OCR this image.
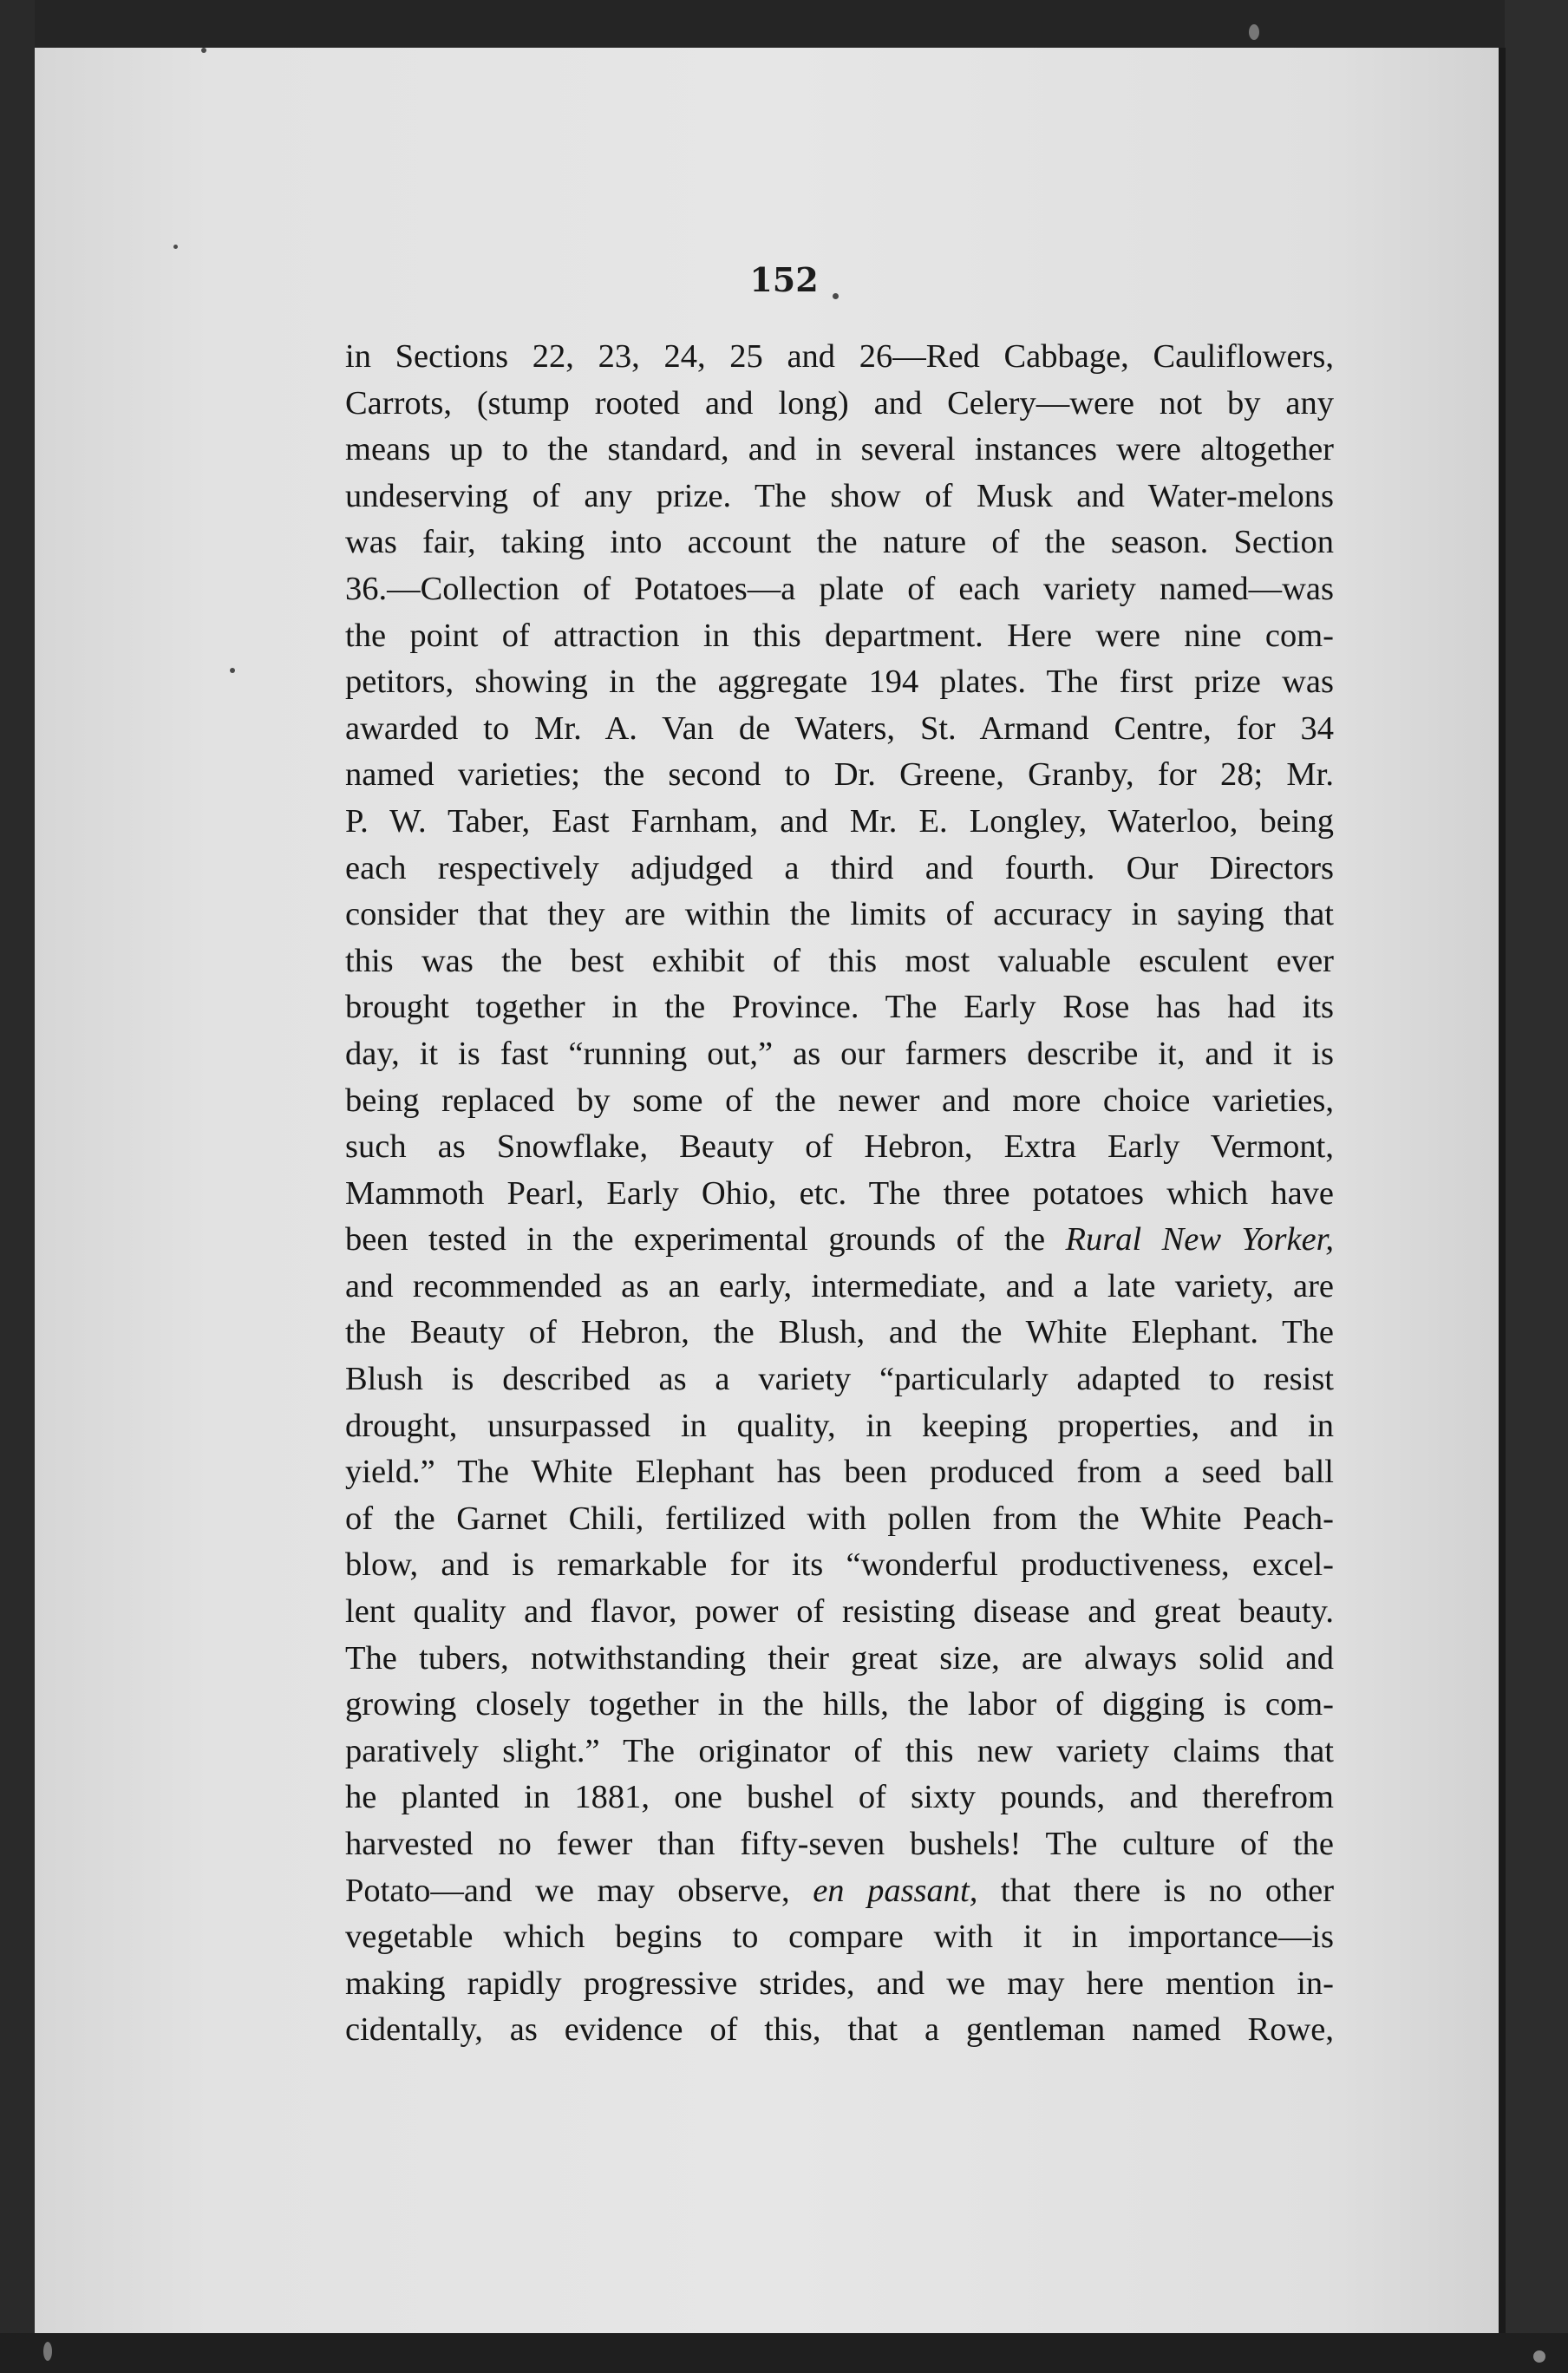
152
in Sections 22, 23, 24, 25 and 26—Red Cabbage, Cauliflowers,
Carrots, (stump rooted and long) and Celery—were not by any
means up to the standard, and in several instances were altogether
undeserving of any prize. The show of Musk and Water-melons
was fair, taking into account the nature of the season. Section
36.—Collection of Potatoes—a plate of each variety named—was
the point of attraction in this department. Here were nine com-
petitors, showing in the aggregate 194 plates. The first prize was
awarded to Mr. A. Van de Waters, St. Armand Centre, for 34
named varieties; the second to Dr. Greene, Granby, for 28; Mr.
P. W. Taber, East Farnham, and Mr. E. Longley, Waterloo, being
each respectively adjudged a third and fourth. Our Directors
consider that they are within the limits of accuracy in saying that
this was the best exhibit of this most valuable esculent ever
brought together in the Province. The Early Rose has had its
day, it is fast “running out,” as our farmers describe it, and it is
being replaced by some of the newer and more choice varieties,
such as Snowflake, Beauty of Hebron, Extra Early Vermont,
Mammoth Pearl, Early Ohio, etc. The three potatoes which have
been tested in the experimental grounds of the Rural New Yorker,
and recommended as an early, intermediate, and a late variety, are
the Beauty of Hebron, the Blush, and the White Elephant. The
Blush is described as a variety “particularly adapted to resist
drought, unsurpassed in quality, in keeping properties, and in
yield.” The White Elephant has been produced from a seed ball
of the Garnet Chili, fertilized with pollen from the White Peach-
blow, and is remarkable for its “wonderful productiveness, excel-
lent quality and flavor, power of resisting disease and great beauty.
The tubers, notwithstanding their great size, are always solid and
growing closely together in the hills, the labor of digging is com-
paratively slight.” The originator of this new variety claims that
he planted in 1881, one bushel of sixty pounds, and therefrom
harvested no fewer than fifty-seven bushels! The culture of the
Potato—and we may observe, en passant, that there is no other
vegetable which begins to compare with it in importance—is
making rapidly progressive strides, and we may here mention in-
cidentally, as evidence of this, that a gentleman named Rowe,
